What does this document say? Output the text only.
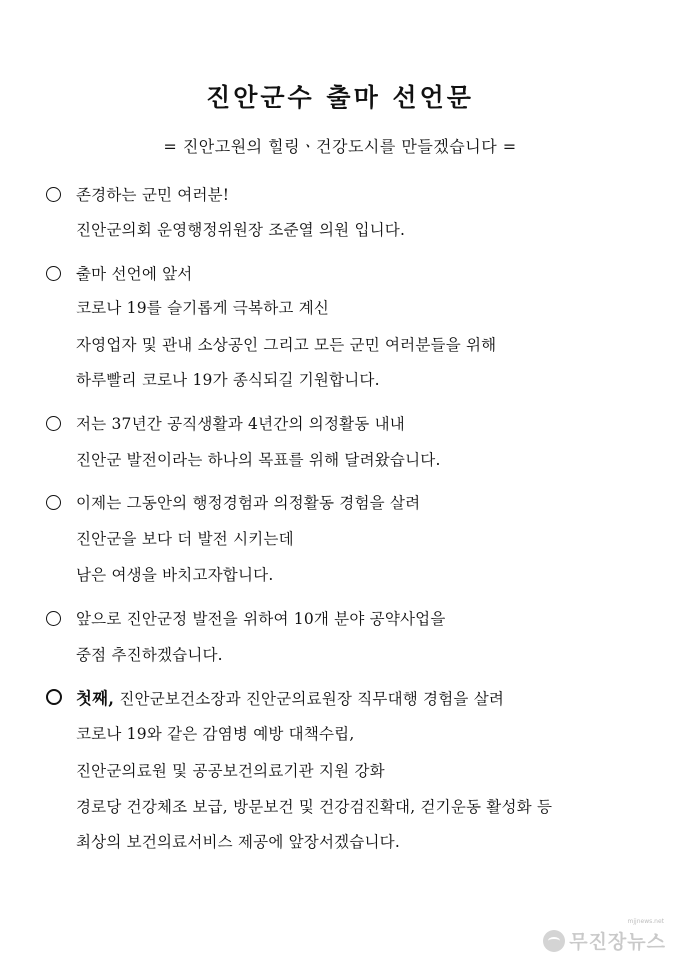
진안군수 출마 선언문
= 진안고원의 힐링ㆍ건강도시를 만들겠습니다 =
존경하는 군민 여러분!
진안군의회 운영행정위원장 조준열 의원 입니다.
출마 선언에 앞서
코로나 19를 슬기롭게 극복하고 계신
자영업자 및 관내 소상공인 그리고 모든 군민 여러분들을 위해
하루빨리 코로나 19가 종식되길 기원합니다.
저는 37년간 공직생활과 4년간의 의정활동 내내
진안군 발전이라는 하나의 목표를 위해 달려왔습니다.
이제는 그동안의 행정경험과 의정활동 경험을 살려
진안군을 보다 더 발전 시키는데
남은 여생을 바치고자합니다.
앞으로 진안군정 발전을 위하여 10개 분야 공약사업을
중점 추진하겠습니다.
첫째, 진안군보건소장과 진안군의료원장 직무대행 경험을 살려
코로나 19와 같은 감염병 예방 대책수립,
진안군의료원 및 공공보건의료기관 지원 강화
경로당 건강체조 보급, 방문보건 및 건강검진확대, 걷기운동 활성화 등
최상의 보건의료서비스 제공에 앞장서겠습니다.
무진장뉴스
mjjnews.net
